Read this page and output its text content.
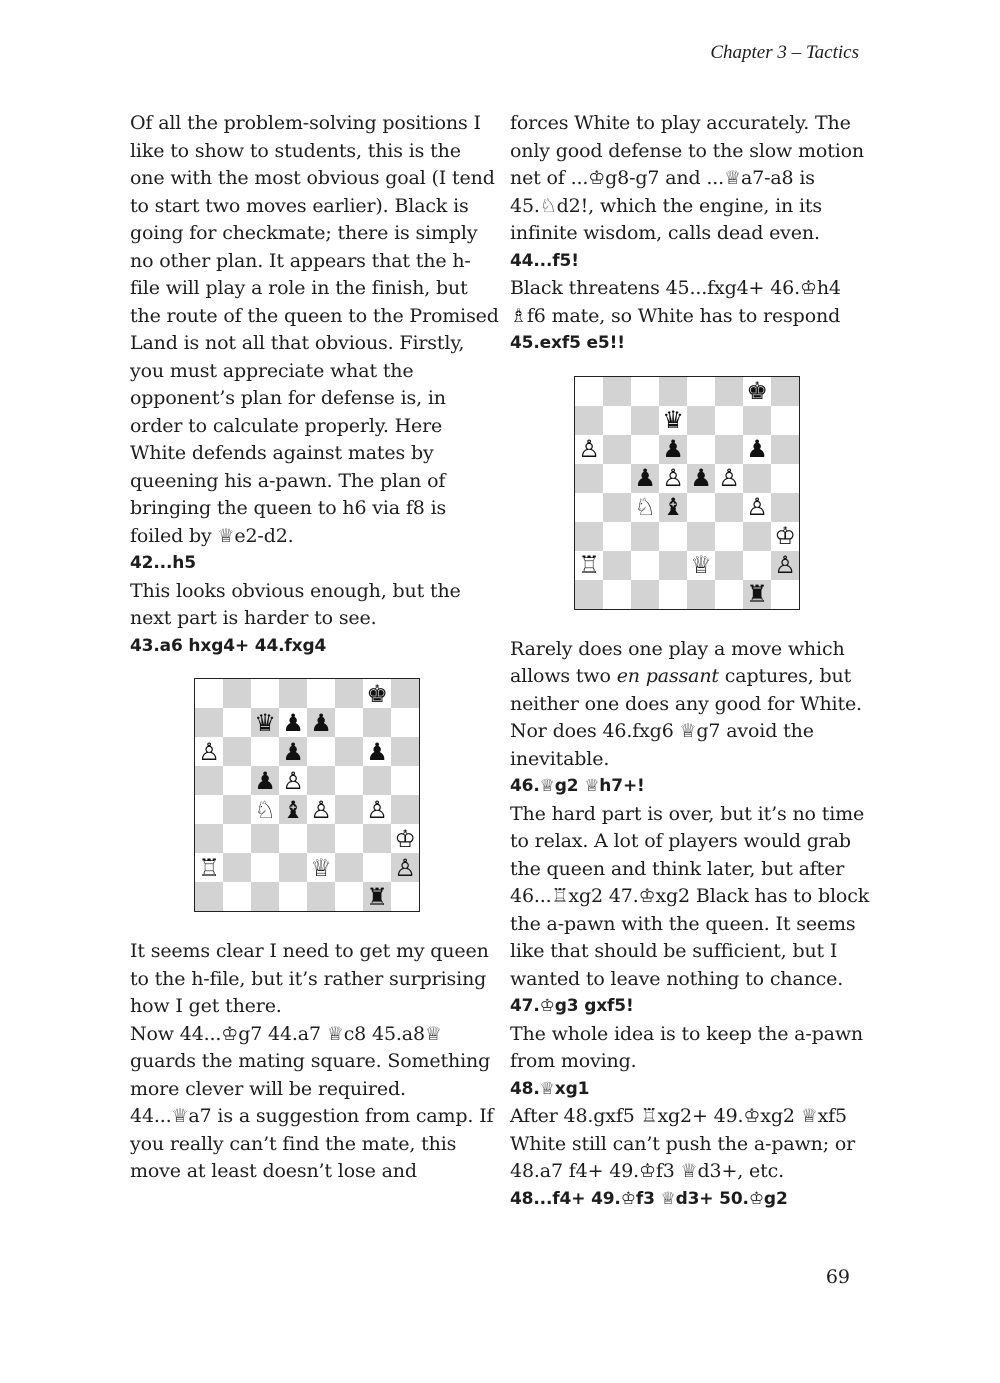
Chapter 3 – Tactics

Of all the problem-solving positions I like to show to students, this is the one with the most obvious goal (I tend to start two moves earlier). Black is going for checkmate; there is simply no other plan. It appears that the h-file will play a role in the finish, but the route of the queen to the Promised Land is not all that obvious. Firstly, you must appreciate what the opponent’s plan for defense is, in order to calculate properly. Here White defends against mates by queening his a-pawn. The plan of bringing the queen to h6 via f8 is foiled by ♕e2-d2.

42...h5

This looks obvious enough, but the next part is harder to see.

43.a6 hxg4+ 44.fxg4
♚
♛ ♟ ♟
♙	♟	♟
♟ ♙
♘ ♝ ♙ ♙
♔
♖	♕	♙
♜

It seems clear I need to get my queen to the h-file, but it’s rather surprising how I get there.

Now 44...♔g7 44.a7 ♕c8 45.a8♕ guards the mating square. Something more clever will be required.

44...♕a7 is a suggestion from camp. If you really can’t find the mate, this move at least doesn’t lose and

forces White to play accurately. The only good defense to the slow motion net of ...♔g8-g7 and ...♕a7-a8 is 45.♘d2!, which the engine, in its infinite wisdom, calls dead even.

44...f5!

Black threatens 45...fxg4+ 46.♔h4 ♗f6 mate, so White has to respond

45.exf5 e5!!
♚
♛
♙	♟	♟
♟ ♙ ♟ ♙
♘ ♝	♙
♔
♖	♕	♙
♜

Rarely does one play a move which allows two en passant captures, but neither one does any good for White. Nor does 46.fxg6 ♕g7 avoid the inevitable.

46.♕g2 ♕h7+!

The hard part is over, but it’s no time to relax. A lot of players would grab the queen and think later, but after 46...♖xg2 47.♔xg2 Black has to block the a-pawn with the queen. It seems like that should be sufficient, but I wanted to leave nothing to chance.

47.♔g3 gxf5!

The whole idea is to keep the a-pawn from moving.

48.♕xg1

After 48.gxf5 ♖xg2+ 49.♔xg2 ♕xf5 White still can’t push the a-pawn; or 48.a7 f4+ 49.♔f3 ♕d3+, etc.

48...f4+ 49.♔f3 ♕d3+ 50.♔g2
69
